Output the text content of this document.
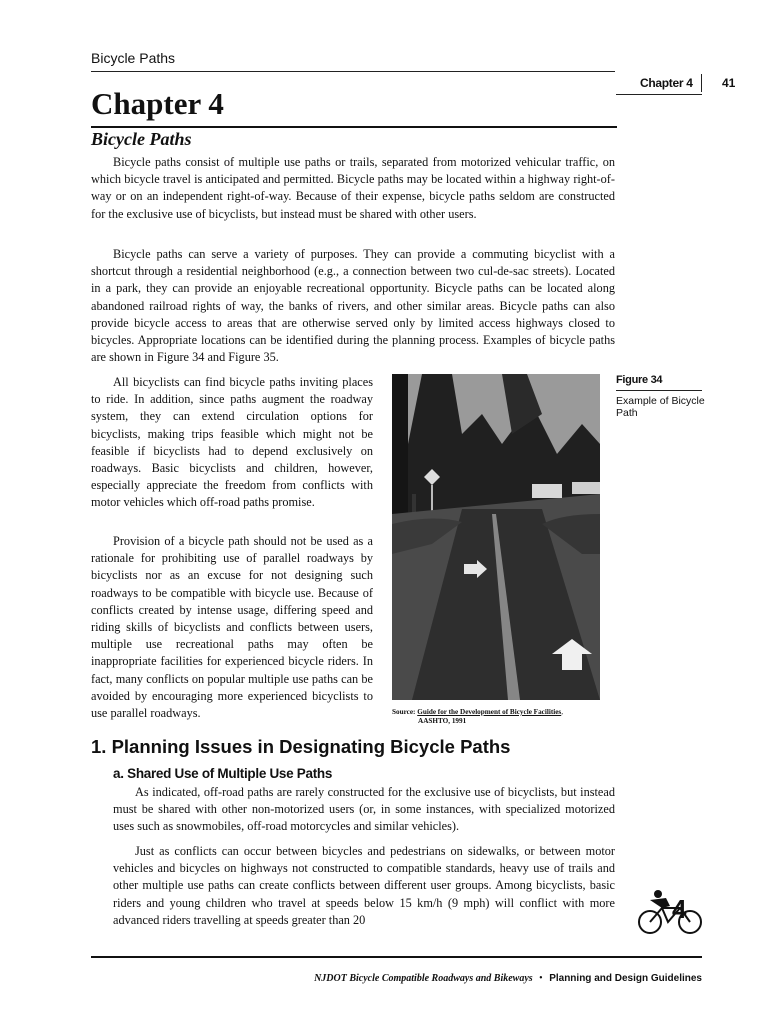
Bicycle Paths
Chapter 4 41
Chapter 4
Bicycle Paths

Bicycle paths consist of multiple use paths or trails, separated from motorized vehicular traffic, on which bicycle travel is anticipated and permitted. Bicycle paths may be located within a highway right-of-way or on an independent right-of-way. Because of their expense, bicycle paths seldom are constructed for the exclusive use of bicyclists, but instead must be shared with other users.

Bicycle paths can serve a variety of purposes. They can provide a commuting bicyclist with a shortcut through a residential neighborhood (e.g., a connection between two cul-de-sac streets). Located in a park, they can provide an enjoyable recreational opportunity. Bicycle paths can be located along abandoned railroad rights of way, the banks of rivers, and other similar areas. Bicycle paths can also provide bicycle access to areas that are otherwise served only by limited access highways closed to bicycles. Appropriate locations can be identified during the planning process. Examples of bicycle paths are shown in Figure 34 and Figure 35.

All bicyclists can find bicycle paths inviting places to ride. In addition, since paths augment the roadway system, they can extend circulation options for bicyclists, making trips feasible which might not be feasible if bicyclists had to depend exclusively on roadways. Basic bicyclists and children, however, especially appreciate the freedom from conflicts with motor vehicles which off-road paths promise.

Provision of a bicycle path should not be used as a rationale for prohibiting use of parallel roadways by bicyclists nor as an excuse for not designing such roadways to be compatible with bicycle use. Because of conflicts created by intense usage, differing speed and riding skills of bicyclists and conflicts between users, multiple use recreational paths may often be inappropriate facilities for experienced bicycle riders. In fact, many conflicts on popular multiple use paths can be avoided by encouraging more experienced bicyclists to use parallel roadways.	Source: Guide for the Development of Bicycle Facilities,
AASHTO, 1991
Figure 34
Example of Bicycle Path
1. Planning Issues in Designating Bicycle Paths
a. Shared Use of Multiple Use Paths

As indicated, off-road paths are rarely constructed for the exclusive use of bicyclists, but instead must be shared with other non-motorized users (or, in some instances, with specialized motorized uses such as snowmobiles, off-road motorcycles and similar vehicles).

Just as conflicts can occur between bicycles and pedestrians on sidewalks, or between motor vehicles and bicycles on highways not constructed to compatible standards, heavy use of trails and other multiple use paths can create conflicts between different user groups. Among bicyclists, basic riders and young children who travel at speeds below 15 km/h (9 mph) will conflict with more advanced riders travelling at speeds greater than 20	4
NJDOT Bicycle Compatible Roadways and Bikeways • Planning and Design Guidelines
